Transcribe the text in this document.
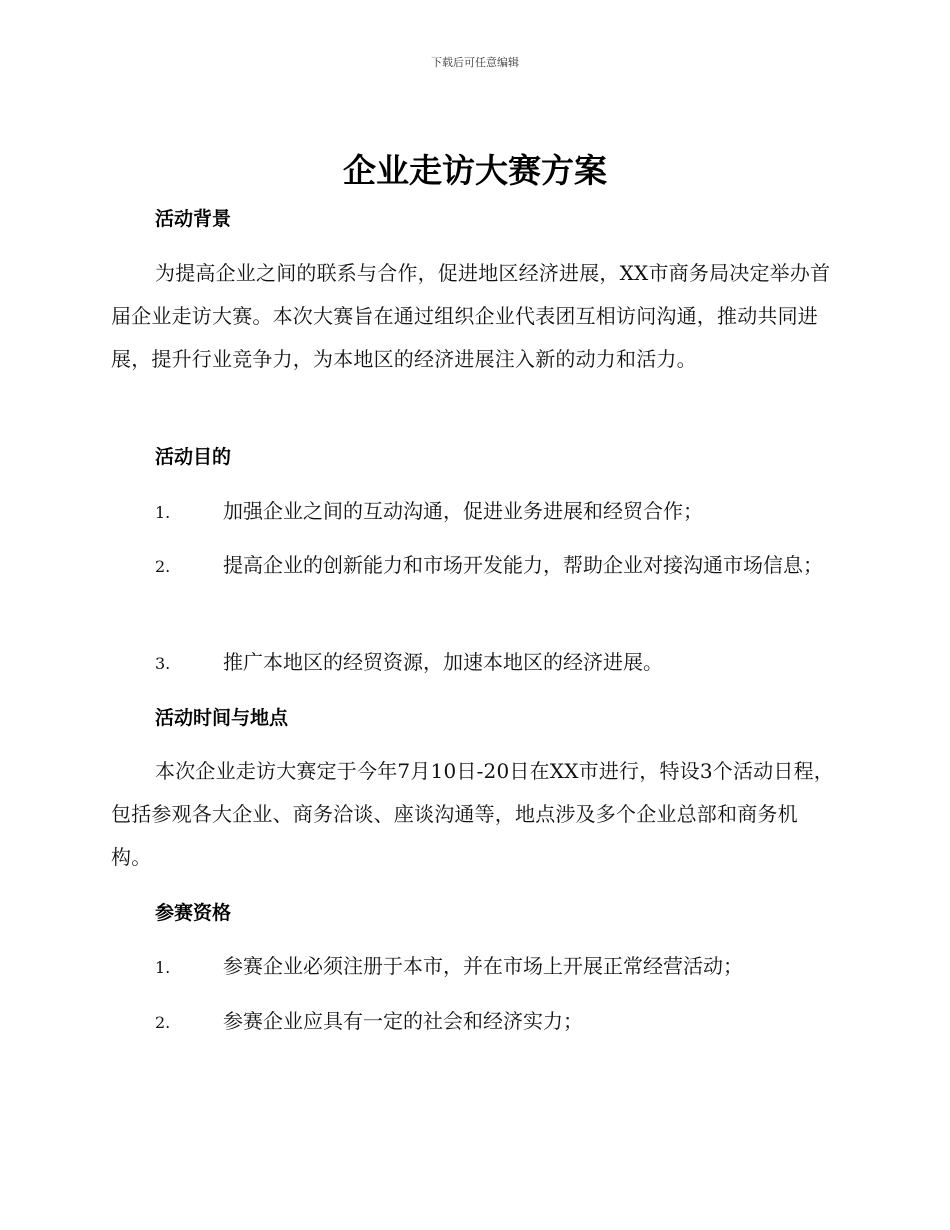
下载后可任意编辑
企业走访大赛方案
活动背景

为提高企业之间的联系与合作，促进地区经济进展，XX市商务局决定举办首届企业走访大赛。本次大赛旨在通过组织企业代表团互相访问沟通，推动共同进展，提升行业竞争力，为本地区的经济进展注入新的动力和活力。

活动目的

1.	加强企业之间的互动沟通，促进业务进展和经贸合作；

2.	提高企业的创新能力和市场开发能力，帮助企业对接沟通市场信息；

3.	推广本地区的经贸资源，加速本地区的经济进展。

活动时间与地点

本次企业走访大赛定于今年7月10日-20日在XX市进行，特设3个活动日程，包括参观各大企业、商务洽谈、座谈沟通等，地点涉及多个企业总部和商务机构。

参赛资格

1.	参赛企业必须注册于本市，并在市场上开展正常经营活动；

2.	参赛企业应具有一定的社会和经济实力；
